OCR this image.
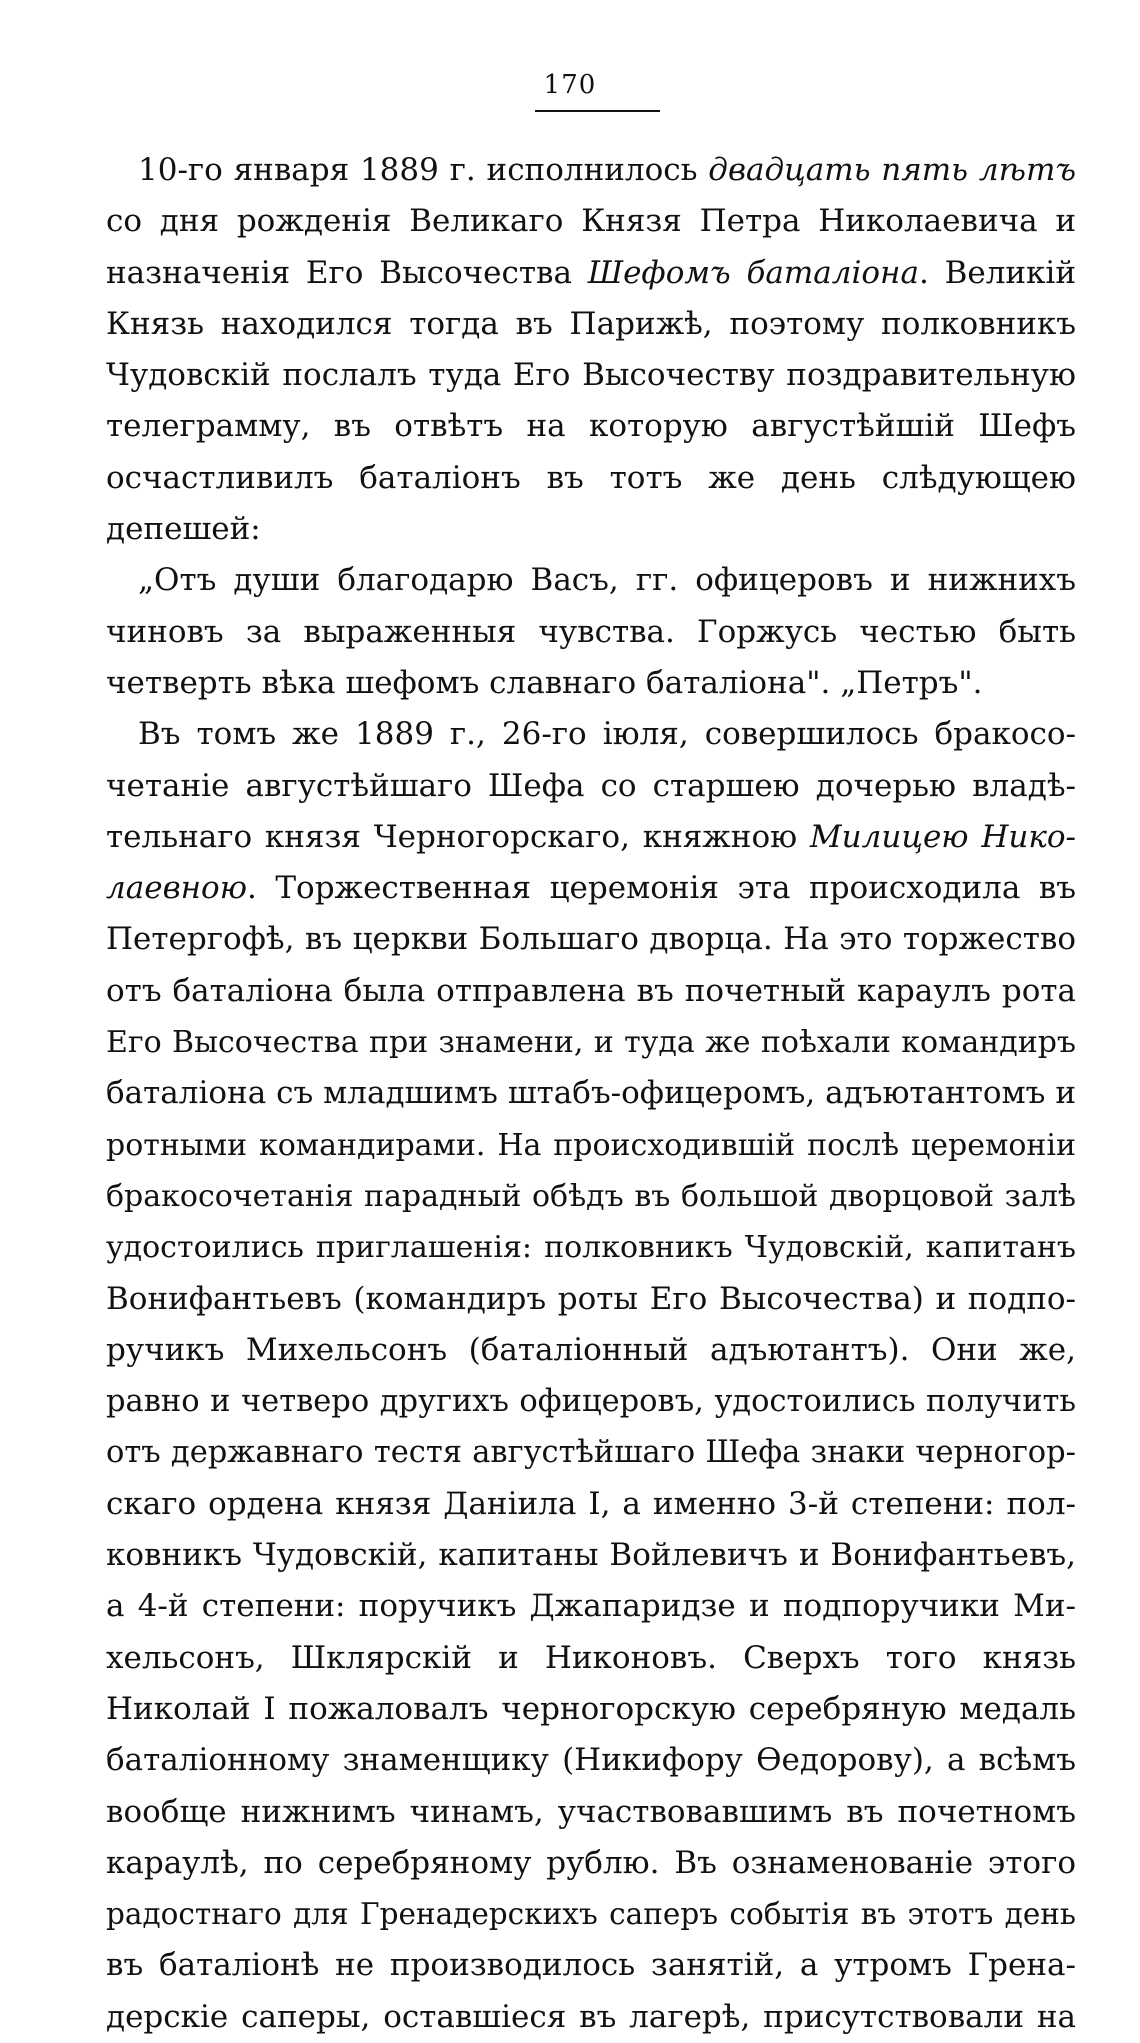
170
10-го января 1889 г. исполнилось двадцать пять лѣтъ
со дня рожденія Великаго Князя Петра Николаевича и
назначенія Его Высочества Шефомъ баталіона. Великій
Князь находился тогда въ Парижѣ, поэтому полковникъ
Чудовскій послалъ туда Его Высочеству поздравительную
телеграмму, въ отвѣтъ на которую августѣйшій Шефъ
осчастливилъ баталіонъ въ тотъ же день слѣдующею
депешей:
„Отъ души благодарю Васъ, гг. офицеровъ и нижнихъ
чиновъ за выраженныя чувства. Горжусь честью быть
четверть вѣка шефомъ славнаго баталіона". „Петръ".
Въ томъ же 1889 г., 26-го іюля, совершилось бракосо-
четаніе августѣйшаго Шефа со старшею дочерью владѣ-
тельнаго князя Черногорскаго, княжною Милицею Нико-
лаевною. Торжественная церемонія эта происходила въ
Петергофѣ, въ церкви Большаго дворца. На это торжество
отъ баталіона была отправлена въ почетный караулъ рота
Его Высочества при знамени, и туда же поѣхали командиръ
баталіона съ младшимъ штабъ-офицеромъ, адъютантомъ и
ротными командирами. На происходившій послѣ церемоніи
бракосочетанія парадный обѣдъ въ большой дворцовой залѣ
удостоились приглашенія: полковникъ Чудовскій, капитанъ
Вонифантьевъ (командиръ роты Его Высочества) и подпо-
ручикъ Михельсонъ (баталіонный адъютантъ). Они же,
равно и четверо другихъ офицеровъ, удостоились получить
отъ державнаго тестя августѣйшаго Шефа знаки черногор-
скаго ордена князя Даніила I, а именно 3-й степени: пол-
ковникъ Чудовскій, капитаны Войлевичъ и Вонифантьевъ,
а 4-й степени: поручикъ Джапаридзе и подпоручики Ми-
хельсонъ, Шклярскій и Никоновъ. Сверхъ того князь
Николай I пожаловалъ черногорскую серебряную медаль
баталіонному знаменщику (Никифору Ѳедорову), а всѣмъ
вообще нижнимъ чинамъ, участвовавшимъ въ почетномъ
караулѣ, по серебряному рублю. Въ ознаменованіе этого
радостнаго для Гренадерскихъ саперъ событія въ этотъ день
въ баталіонѣ не производилось занятій, а утромъ Грена-
дерскіе саперы, оставшіеся въ лагерѣ, присутствовали на
